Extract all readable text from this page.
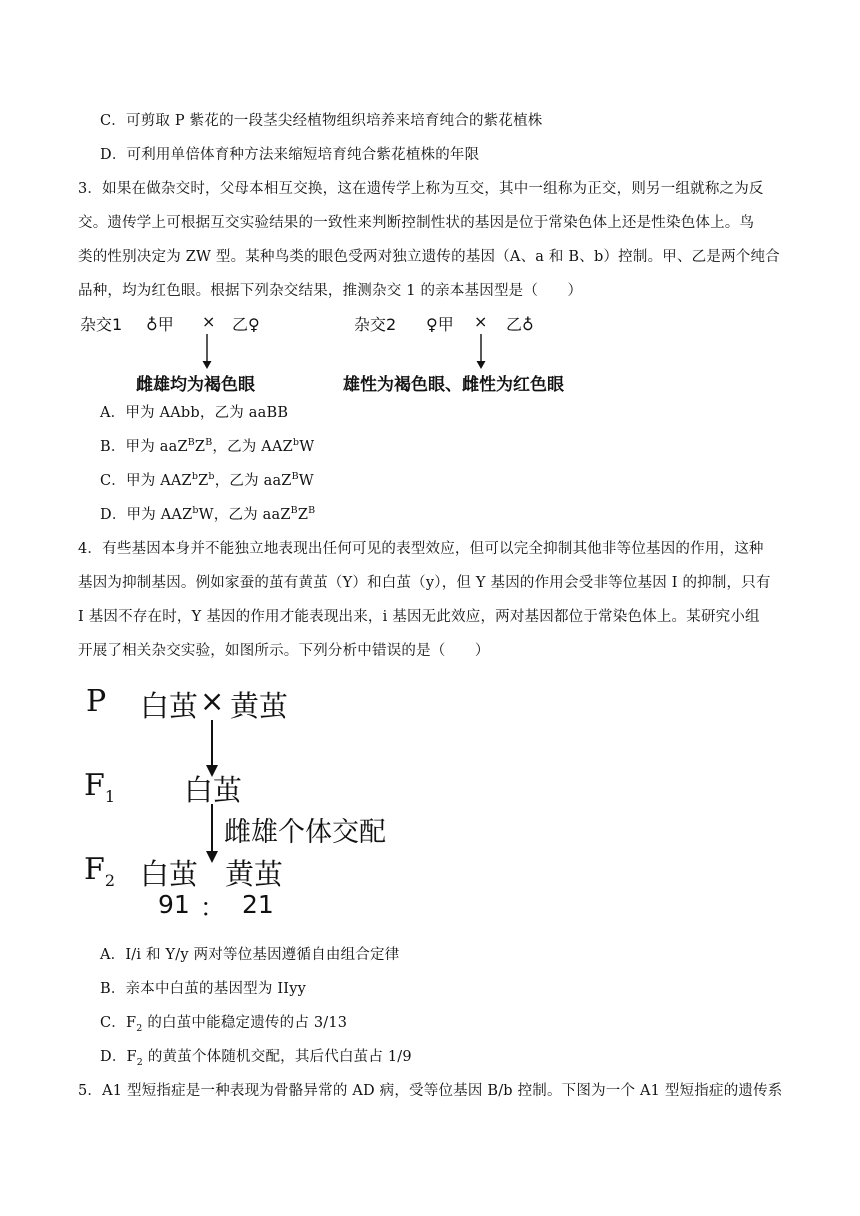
C．可剪取 P 紫花的一段茎尖经植物组织培养来培育纯合的紫花植株
D．可利用单倍体育种方法来缩短培育纯合紫花植株的年限
3．如果在做杂交时，父母本相互交换，这在遗传学上称为互交，其中一组称为正交，则另一组就称之为反
交。遗传学上可根据互交实验结果的一致性来判断控制性状的基因是位于常染色体上还是性染色体上。鸟
类的性别决定为 ZW 型。某种鸟类的眼色受两对独立遗传的基因（A、a 和 B、b）控制。甲、乙是两个纯合
品种，均为红色眼。根据下列杂交结果，推测杂交 1 的亲本基因型是（　　）
杂交1 ♁甲 × 乙♀
雌雄均为褐色眼
杂交2 ♀甲 × 乙♁
雄性为褐色眼、雌性为红色眼
A．甲为 AAbb，乙为 aaBB
B．甲为 $aaZ^BZ^B$，乙为 AAZ$^b$W
C．甲为 $AAZ^bZ^b$，乙为 aaZ$^B$W
D．甲为 AAZ$^b$W，乙为 $aaZ^BZ^B$
4．有些基因本身并不能独立地表现出任何可见的表型效应，但可以完全抑制其他非等位基因的作用，这种
基因为抑制基因。例如家蚕的茧有黄茧（Y）和白茧（y），但 Y 基因的作用会受非等位基因 I 的抑制，只有
I 基因不存在时，Y 基因的作用才能表现出来，i 基因无此效应，两对基因都位于常染色体上。某研究小组
开展了相关杂交实验，如图所示。下列分析中错误的是（　　）
P 白茧 × 黄茧
$F_1$ 白茧
雌雄个体交配
$F_2$ 白茧 黄茧
91 ： 21
A．I/i 和 Y/y 两对等位基因遵循自由组合定律
B．亲本中白茧的基因型为 IIyy
C．$F_2$ 的白茧中能稳定遗传的占 3/13
D．$F_2$ 的黄茧个体随机交配，其后代白茧占 1/9
5．A1 型短指症是一种表现为骨骼异常的 AD 病，受等位基因 B/b 控制。下图为一个 A1 型短指症的遗传系
